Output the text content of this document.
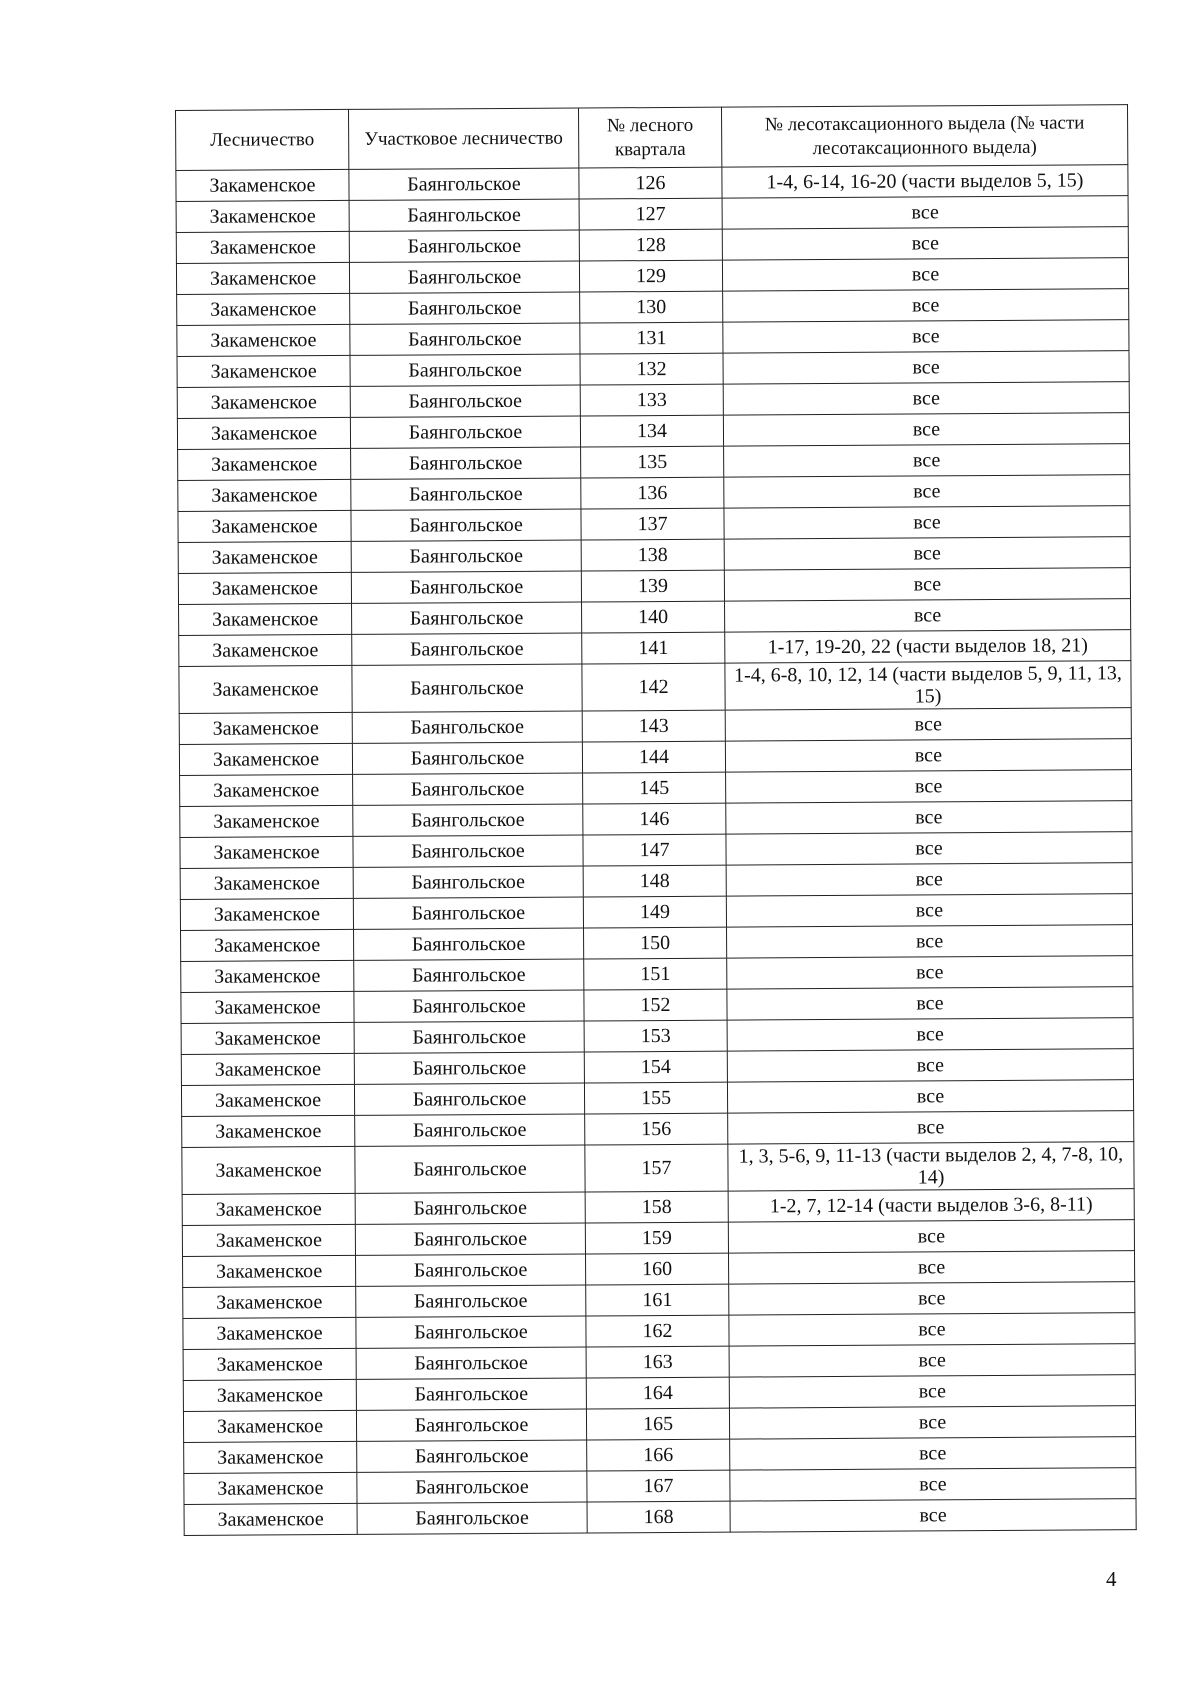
Лесничество	Участковое лесничество	№ лесного квартала	№ лесотаксационного выдела (№ части лесотаксационного выдела)
Закаменское	Баянгольское	126	1-4, 6-14, 16-20 (части выделов 5, 15)
Закаменское	Баянгольское	127	все
Закаменское	Баянгольское	128	все
Закаменское	Баянгольское	129	все
Закаменское	Баянгольское	130	все
Закаменское	Баянгольское	131	все
Закаменское	Баянгольское	132	все
Закаменское	Баянгольское	133	все
Закаменское	Баянгольское	134	все
Закаменское	Баянгольское	135	все
Закаменское	Баянгольское	136	все
Закаменское	Баянгольское	137	все
Закаменское	Баянгольское	138	все
Закаменское	Баянгольское	139	все
Закаменское	Баянгольское	140	все
Закаменское	Баянгольское	141	1-17, 19-20, 22 (части выделов 18, 21)
Закаменское	Баянгольское	142	1-4, 6-8, 10, 12, 14 (части выделов 5, 9, 11, 13, 15)
Закаменское	Баянгольское	143	все
Закаменское	Баянгольское	144	все
Закаменское	Баянгольское	145	все
Закаменское	Баянгольское	146	все
Закаменское	Баянгольское	147	все
Закаменское	Баянгольское	148	все
Закаменское	Баянгольское	149	все
Закаменское	Баянгольское	150	все
Закаменское	Баянгольское	151	все
Закаменское	Баянгольское	152	все
Закаменское	Баянгольское	153	все
Закаменское	Баянгольское	154	все
Закаменское	Баянгольское	155	все
Закаменское	Баянгольское	156	все
Закаменское	Баянгольское	157	1, 3, 5-6, 9, 11-13 (части выделов 2, 4, 7-8, 10, 14)
Закаменское	Баянгольское	158	1-2, 7, 12-14 (части выделов 3-6, 8-11)
Закаменское	Баянгольское	159	все
Закаменское	Баянгольское	160	все
Закаменское	Баянгольское	161	все
Закаменское	Баянгольское	162	все
Закаменское	Баянгольское	163	все
Закаменское	Баянгольское	164	все
Закаменское	Баянгольское	165	все
Закаменское	Баянгольское	166	все
Закаменское	Баянгольское	167	все
Закаменское	Баянгольское	168	все
4
